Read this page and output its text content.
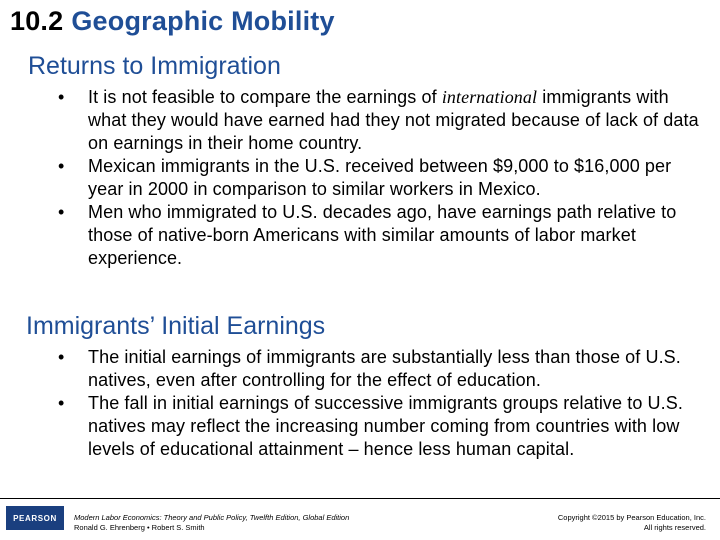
10.2 Geographic Mobility
Returns to Immigration
• It is not feasible to compare the earnings of international immigrants with what they would have earned had they not migrated because of lack of data on earnings in their home country.
• Mexican immigrants in the U.S. received between $9,000 to $16,000 per year in 2000 in comparison to similar workers in Mexico.
• Men who immigrated to U.S. decades ago, have earnings path relative to those of native-born Americans with similar amounts of labor market experience.
Immigrants’ Initial Earnings
• The initial earnings of immigrants are substantially less than those of U.S. natives, even after controlling for the effect of education.
• The fall in initial earnings of successive immigrants groups relative to U.S. natives may reflect the increasing number coming from countries with low levels of educational attainment – hence less human capital.
PEARSON Modern Labor Economics: Theory and Public Policy, Twelfth Edition, Global Edition
Ronald G. Ehrenberg • Robert S. Smith
Copyright ©2015 by Pearson Education, Inc.
All rights reserved.
